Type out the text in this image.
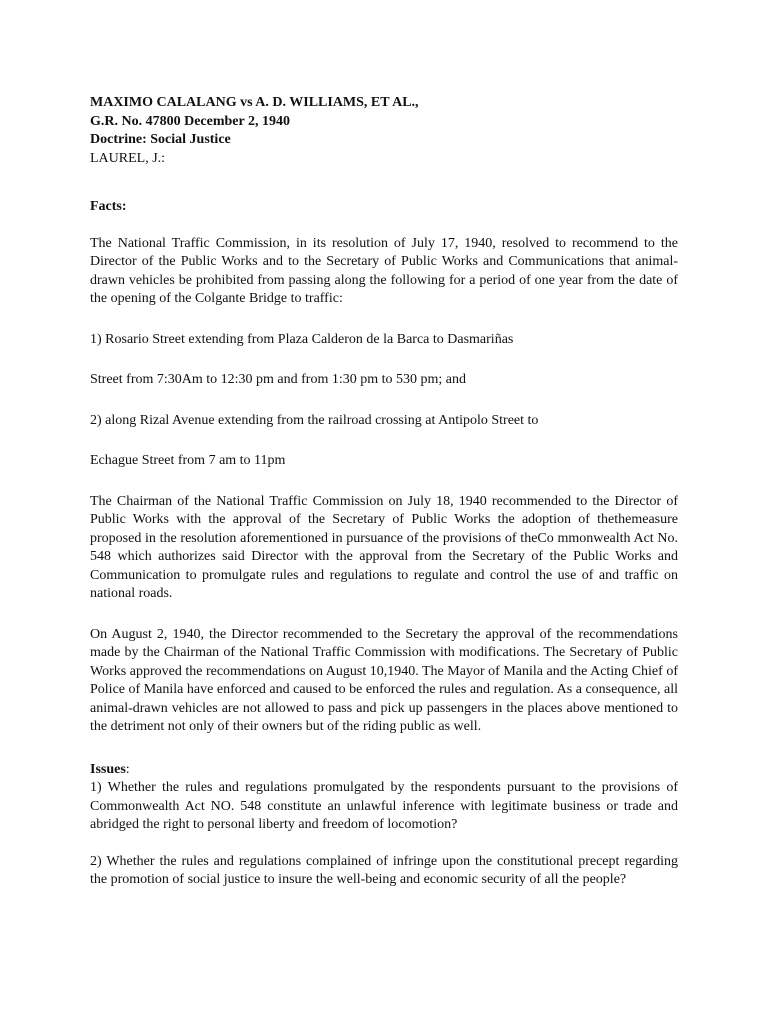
MAXIMO CALALANG vs A. D. WILLIAMS, ET AL.,

G.R. No. 47800 December 2, 1940

Doctrine: Social Justice

LAUREL, J.:

Facts:

The National Traffic Commission, in its resolution of July 17, 1940, resolved to recommend to the Director of the Public Works and to the Secretary of Public Works and Communications that animal-drawn vehicles be prohibited from passing along the following for a period of one year from the date of the opening of the Colgante Bridge to traffic:

1) Rosario Street extending from Plaza Calderon de la Barca to Dasmariñas

Street from 7:30Am to 12:30 pm and from 1:30 pm to 530 pm; and

2) along Rizal Avenue extending from the railroad crossing at Antipolo Street to

Echague Street from 7 am to 11pm

The Chairman of the National Traffic Commission on July 18, 1940 recommended to the Director of Public Works with the approval of the Secretary of Public Works the adoption of thethemeasure proposed in the resolution aforementioned in pursuance of the provisions of theCo mmonwealth Act No. 548 which authorizes said Director with the approval from the Secretary of the Public Works and Communication to promulgate rules and regulations to regulate and control the use of and traffic on national roads.

On August 2, 1940, the Director recommended to the Secretary the approval of the recommendations made by the Chairman of the National Traffic Commission with modifications. The Secretary of Public Works approved the recommendations on August 10,1940. The Mayor of Manila and the Acting Chief of Police of Manila have enforced and caused to be enforced the rules and regulation. As a consequence, all animal-drawn vehicles are not allowed to pass and pick up passengers in the places above mentioned to the detriment not only of their owners but of the riding public as well.

Issues:

1) Whether the rules and regulations promulgated by the respondents pursuant to the provisions of Commonwealth Act NO. 548 constitute an unlawful inference with legitimate business or trade and abridged the right to personal liberty and freedom of locomotion?

2) Whether the rules and regulations complained of infringe upon the constitutional precept regarding the promotion of social justice to insure the well-being and economic security of all the people?
